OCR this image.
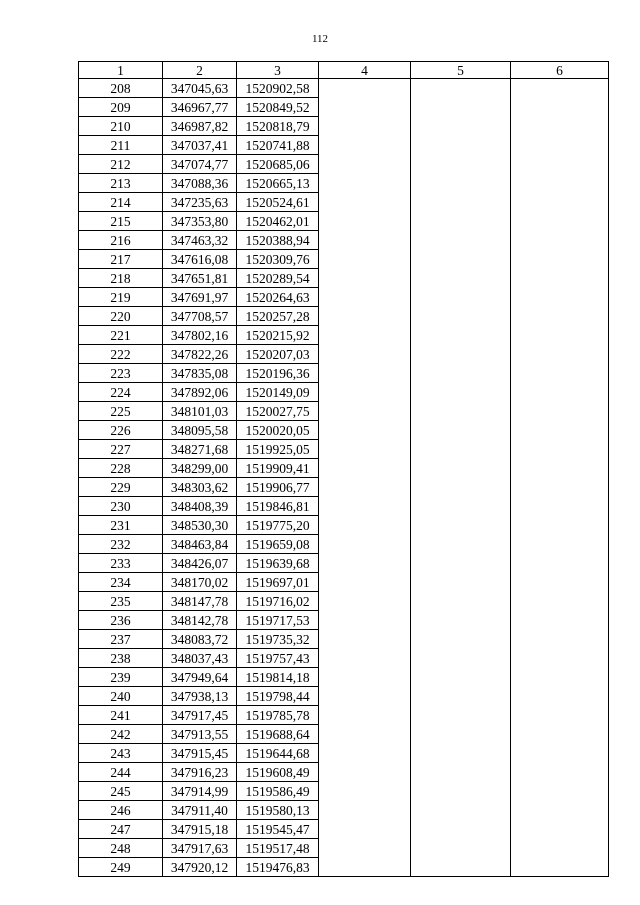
112
1	2	3	4	5	6
208	347045,63	1520902,58			
209	346967,77	1520849,52			
210	346987,82	1520818,79			
211	347037,41	1520741,88			
212	347074,77	1520685,06			
213	347088,36	1520665,13			
214	347235,63	1520524,61			
215	347353,80	1520462,01			
216	347463,32	1520388,94			
217	347616,08	1520309,76			
218	347651,81	1520289,54			
219	347691,97	1520264,63			
220	347708,57	1520257,28			
221	347802,16	1520215,92			
222	347822,26	1520207,03			
223	347835,08	1520196,36			
224	347892,06	1520149,09			
225	348101,03	1520027,75			
226	348095,58	1520020,05			
227	348271,68	1519925,05			
228	348299,00	1519909,41			
229	348303,62	1519906,77			
230	348408,39	1519846,81			
231	348530,30	1519775,20			
232	348463,84	1519659,08			
233	348426,07	1519639,68			
234	348170,02	1519697,01			
235	348147,78	1519716,02			
236	348142,78	1519717,53			
237	348083,72	1519735,32			
238	348037,43	1519757,43			
239	347949,64	1519814,18			
240	347938,13	1519798,44			
241	347917,45	1519785,78			
242	347913,55	1519688,64			
243	347915,45	1519644,68			
244	347916,23	1519608,49			
245	347914,99	1519586,49			
246	347911,40	1519580,13			
247	347915,18	1519545,47			
248	347917,63	1519517,48			
249	347920,12	1519476,83			
